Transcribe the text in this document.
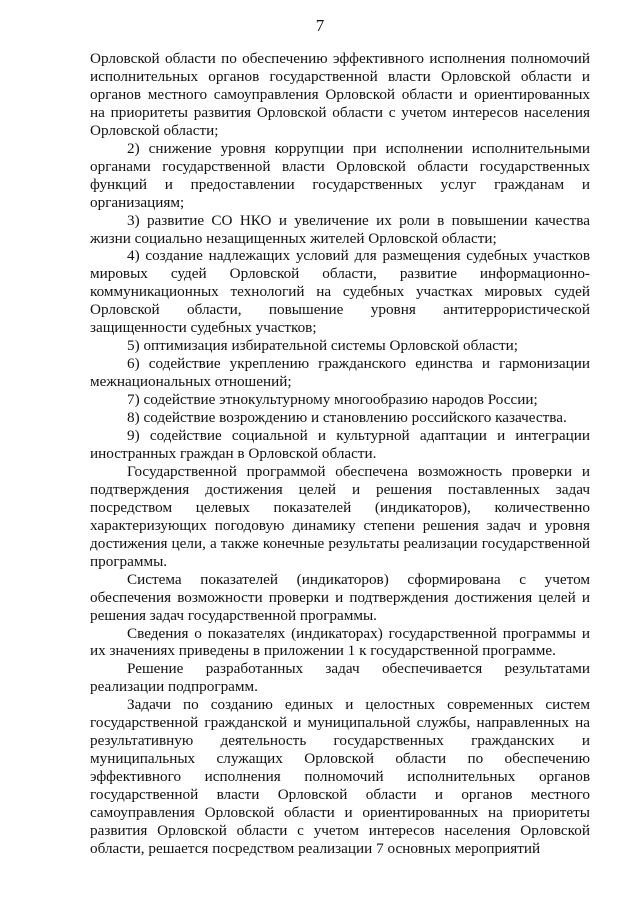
7

Орловской области по обеспечению эффективного исполнения полномочий исполнительных органов государственной власти Орловской области и органов местного самоуправления Орловской области и ориентированных на приоритеты развития Орловской области с учетом интересов населения Орловской области;

2) снижение уровня коррупции при исполнении исполнительными органами государственной власти Орловской области государственных функций и предоставлении государственных услуг гражданам и организациям;

3) развитие СО НКО и увеличение их роли в повышении качества жизни социально незащищенных жителей Орловской области;

4) создание надлежащих условий для размещения судебных участков мировых судей Орловской области, развитие информационно-коммуникационных технологий на судебных участках мировых судей Орловской области, повышение уровня антитеррористической защищенности судебных участков;

5) оптимизация избирательной системы Орловской области;

6) содействие укреплению гражданского единства и гармонизации межнациональных отношений;

7) содействие этнокультурному многообразию народов России;

8) содействие возрождению и становлению российского казачества.

9) содействие социальной и культурной адаптации и интеграции иностранных граждан в Орловской области.

Государственной программой обеспечена возможность проверки и подтверждения достижения целей и решения поставленных задач посредством целевых показателей (индикаторов), количественно характеризующих погодовую динамику степени решения задач и уровня достижения цели, а также конечные результаты реализации государственной программы.

Система показателей (индикаторов) сформирована с учетом обеспечения возможности проверки и подтверждения достижения целей и решения задач государственной программы.

Сведения о показателях (индикаторах) государственной программы и их значениях приведены в приложении 1 к государственной программе.

Решение разработанных задач обеспечивается результатами реализации подпрограмм.

Задачи по созданию единых и целостных современных систем государственной гражданской и муниципальной службы, направленных на результативную деятельность государственных гражданских и муниципальных служащих Орловской области по обеспечению эффективного исполнения полномочий исполнительных органов государственной власти Орловской области и органов местного самоуправления Орловской области и ориентированных на приоритеты развития Орловской области с учетом интересов населения Орловской области, решается посредством реализации 7 основных мероприятий
